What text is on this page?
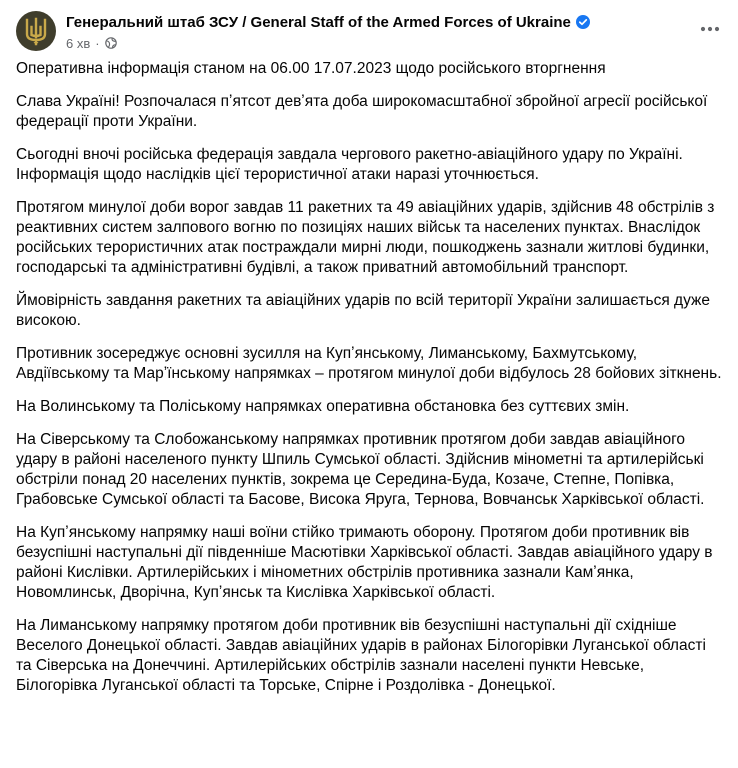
Генеральний штаб ЗСУ / General Staff of the Armed Forces of Ukraine
6 хв ·

Оперативна інформація станом на 06.00 17.07.2023 щодо російського вторгнення

Слава Україні! Розпочалася пʼятсот девʼята доба широкомасштабної збройної агресії російської федерації проти України.

Сьогодні вночі російська федерація завдала чергового ракетно-авіаційного удару по Україні. Інформація щодо наслідків цієї терористичної атаки наразі уточнюється.

Протягом минулої доби ворог завдав 11 ракетних та 49 авіаційних ударів, здійснив 48 обстрілів з реактивних систем залпового вогню по позиціях наших військ та населених пунктах. Внаслідок російських терористичних атак постраждали мирні люди, пошкоджень зазнали житлові будинки, господарські та адміністративні будівлі, а також приватний автомобільний транспорт.

Ймовірність завдання ракетних та авіаційних ударів по всій території України залишається дуже високою.

Противник зосереджує основні зусилля на Купʼянському, Лиманському, Бахмутському, Авдіївському та Марʼїнському напрямках – протягом минулої доби відбулось 28 бойових зіткнень.

На Волинському та Поліському напрямках оперативна обстановка без суттєвих змін.

На Сіверському та Слобожанському напрямках противник протягом доби завдав авіаційного удару в районі населеного пункту Шпиль Сумської області. Здійснив мінометні та артилерійські обстріли понад 20 населених пунктів, зокрема це Середина-Буда, Козаче, Степне, Попівка, Грабовське Сумської області та Басове, Висока Яруга, Тернова, Вовчанськ Харківської області.

На Купʼянському напрямку наші воїни стійко тримають оборону. Протягом доби противник вів безуспішні наступальні дії південніше Масютівки Харківської області. Завдав авіаційного удару в районі Кислівки. Артилерійських і мінометних обстрілів противника зазнали Камʼянка, Новомлинськ, Дворічна, Купʼянськ та Кислівка Харківської області.

На Лиманському напрямку протягом доби противник вів безуспішні наступальні дії східніше Веселого Донецької області. Завдав авіаційних ударів в районах Білогорівки Луганської області та Сіверська на Донеччині. Артилерійських обстрілів зазнали населені пункти Невське, Білогорівка Луганської області та Торське, Спірне і Роздолівка - Донецької.
